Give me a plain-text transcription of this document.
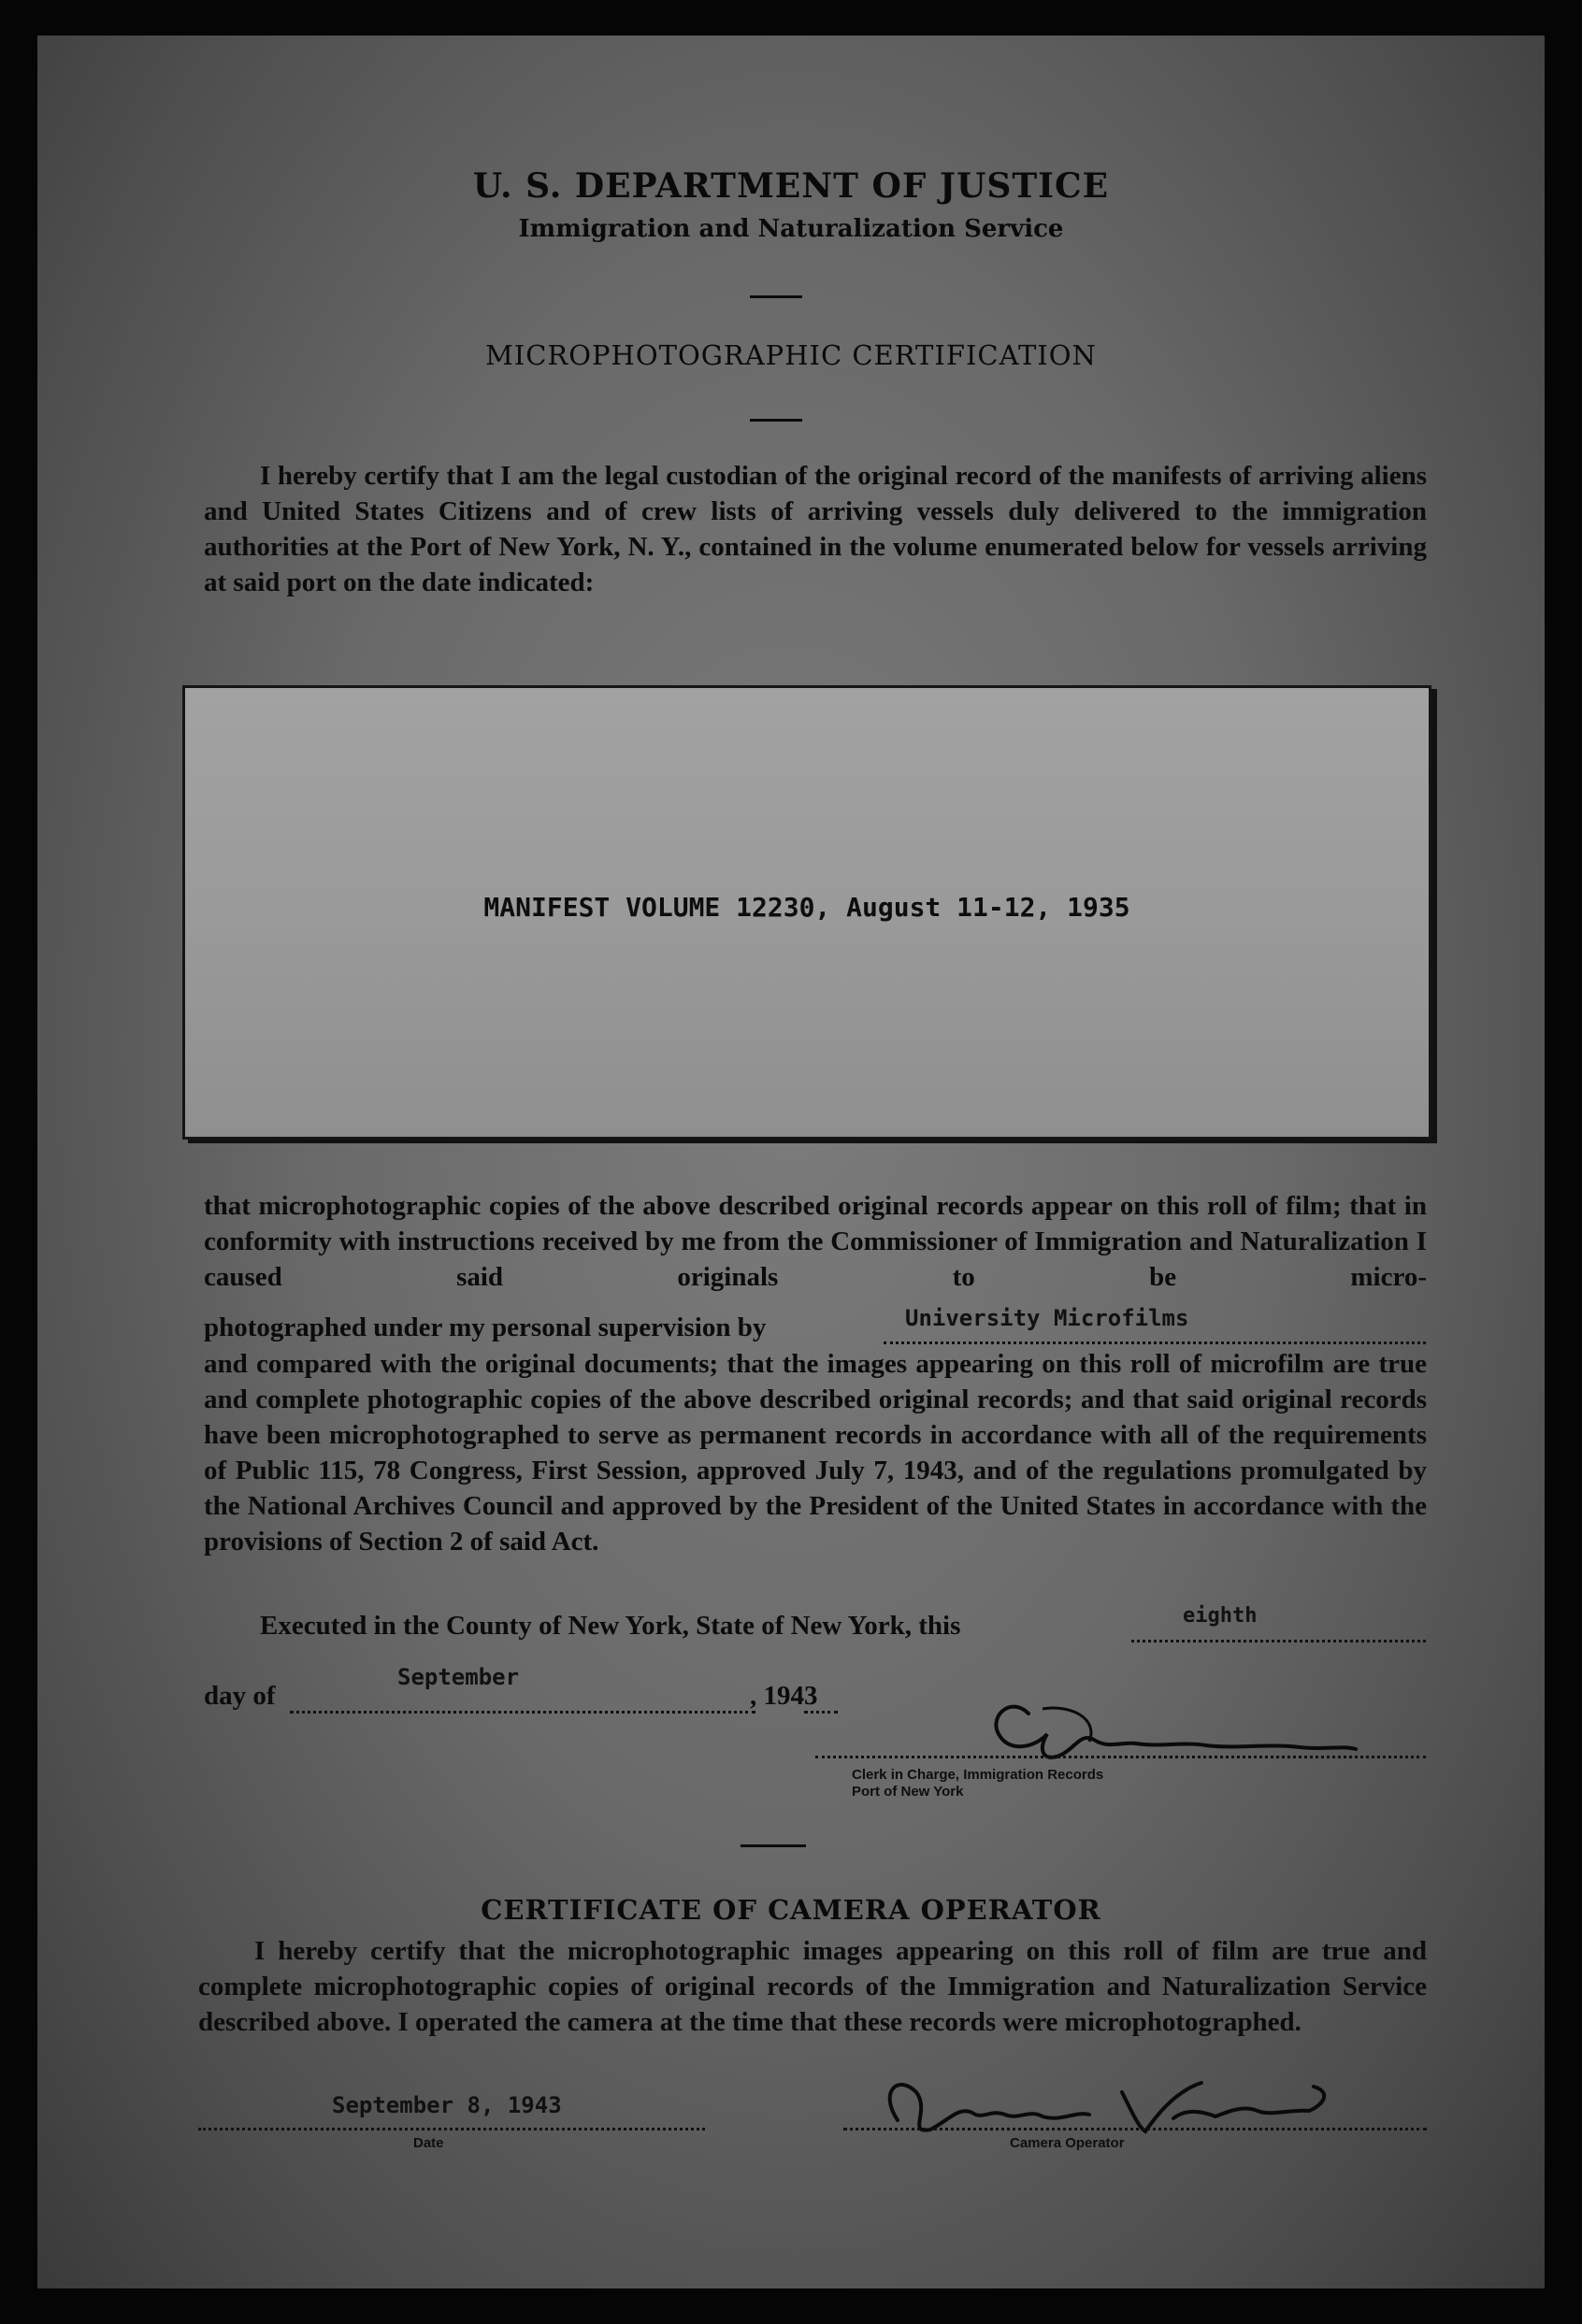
U. S. DEPARTMENT OF JUSTICE
Immigration and Naturalization Service
MICROPHOTOGRAPHIC CERTIFICATION
I hereby certify that I am the legal custodian of the original record of the manifests of arriving aliens and United States Citizens and of crew lists of arriving vessels duly delivered to the immigration authorities at the Port of New York, N. Y., contained in the volume enumerated below for vessels arriving at said port on the date indicated:
MANIFEST VOLUME 12230, August 11-12, 1935
that microphotographic copies of the above described original records appear on this roll of film; that in conformity with instructions received by me from the Commissioner of Immigration and Naturalization I caused said originals to be micro-
photographed under my personal supervision by	University Microfilms
and compared with the original documents; that the images appearing on this roll of microfilm are true and complete photographic copies of the above described original records; and that said original records have been microphotographed to serve as permanent records in accordance with all of the requirements of Public 115, 78 Congress, First Session, approved July 7, 1943, and of the regulations promulgated by the National Archives Council and approved by the President of the United States in accordance with the provisions of Section 2 of said Act.
Executed in the County of New York, State of New York, this	eighth
day of
September
, 1943
Clerk in Charge, Immigration Records
Port of New York
CERTIFICATE OF CAMERA OPERATOR
I hereby certify that the microphotographic images appearing on this roll of film are true and complete microphotographic copies of original records of the Immigration and Naturalization Service described above. I operated the camera at the time that these records were microphotographed.
September 8, 1943
Date	Camera Operator
